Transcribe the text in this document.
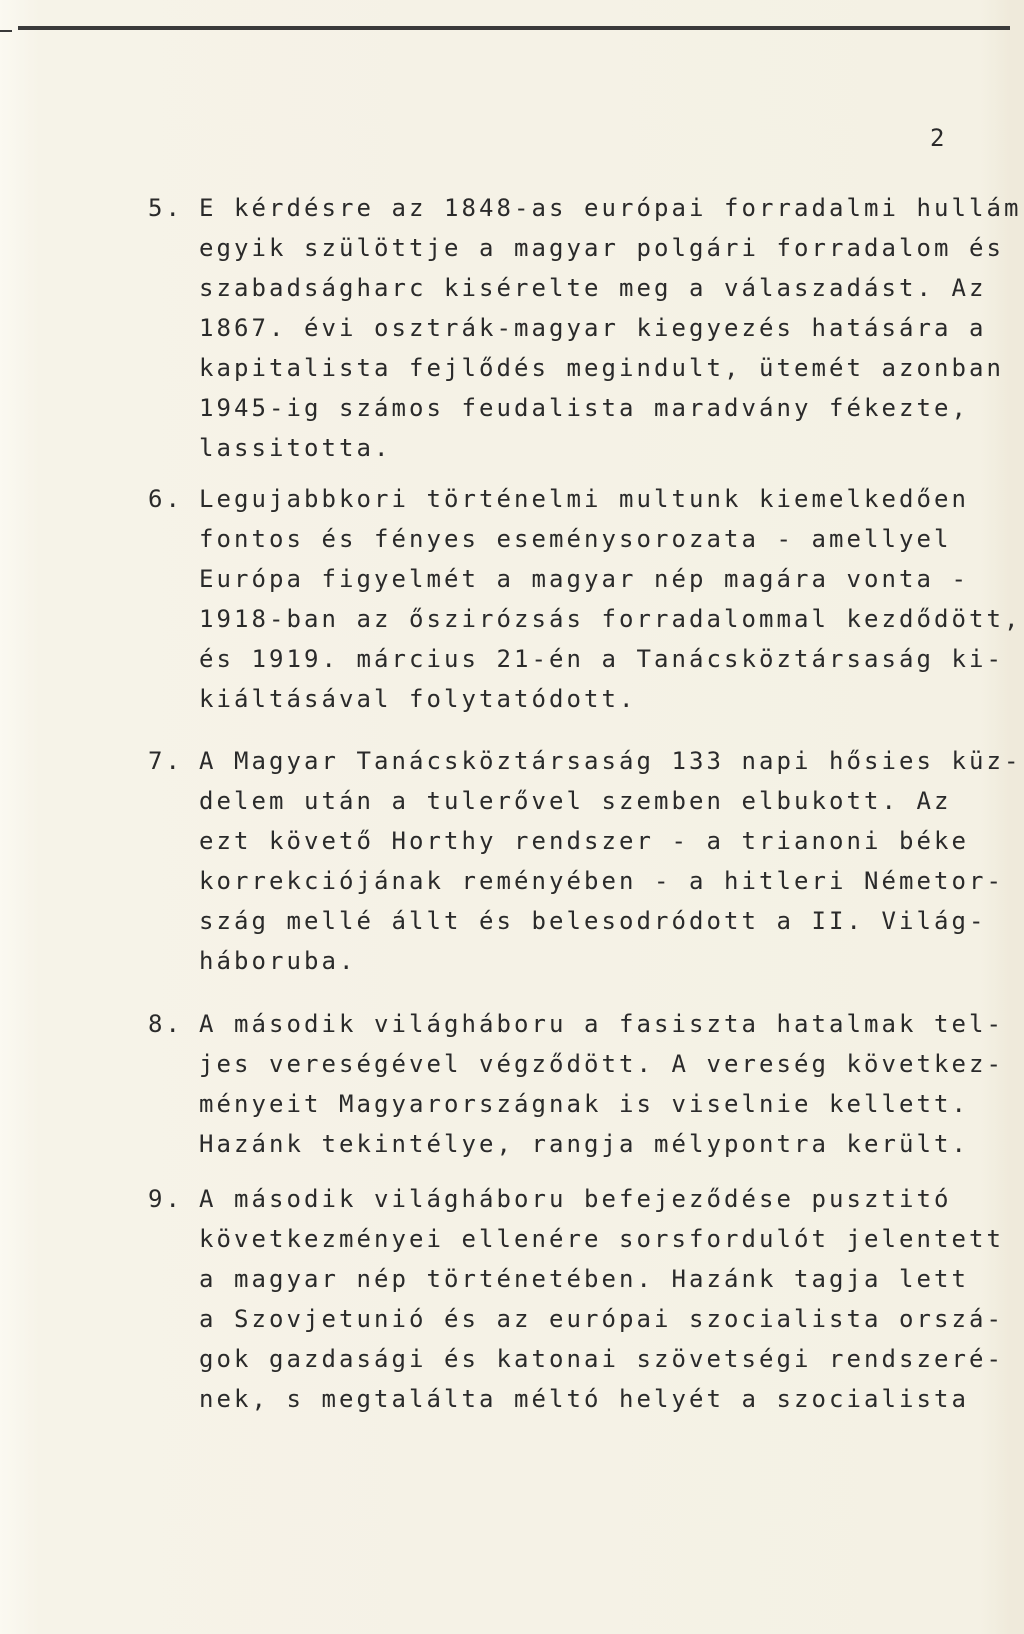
2
5. E kérdésre az 1848-as európai forradalmi hullám
egyik szülöttje a magyar polgári forradalom és
szabadságharc kisérelte meg a válaszadást. Az
1867. évi osztrák-magyar kiegyezés hatására a
kapitalista fejlődés megindult, ütemét azonban
1945-ig számos feudalista maradvány fékezte,
lassitotta.
6. Legujabbkori történelmi multunk kiemelkedően
fontos és fényes eseménysorozata - amellyel
Európa figyelmét a magyar nép magára vonta -
1918-ban az őszirózsás forradalommal kezdődött,
és 1919. március 21-én a Tanácsköztársaság ki-
kiáltásával folytatódott.
7. A Magyar Tanácsköztársaság 133 napi hősies küz-
delem után a tulerővel szemben elbukott. Az
ezt követő Horthy rendszer - a trianoni béke
korrekciójának reményében - a hitleri Németor-
szág mellé állt és belesodródott a II. Világ-
háboruba.
8. A második világháboru a fasiszta hatalmak tel-
jes vereségével végződött. A vereség következ-
ményeit Magyarországnak is viselnie kellett.
Hazánk tekintélye, rangja mélypontra került.
9. A második világháboru befejeződése pusztitó
következményei ellenére sorsfordulót jelentett
a magyar nép történetében. Hazánk tagja lett
a Szovjetunió és az európai szocialista orszá-
gok gazdasági és katonai szövetségi rendszeré-
nek, s megtalálta méltó helyét a szocialista
